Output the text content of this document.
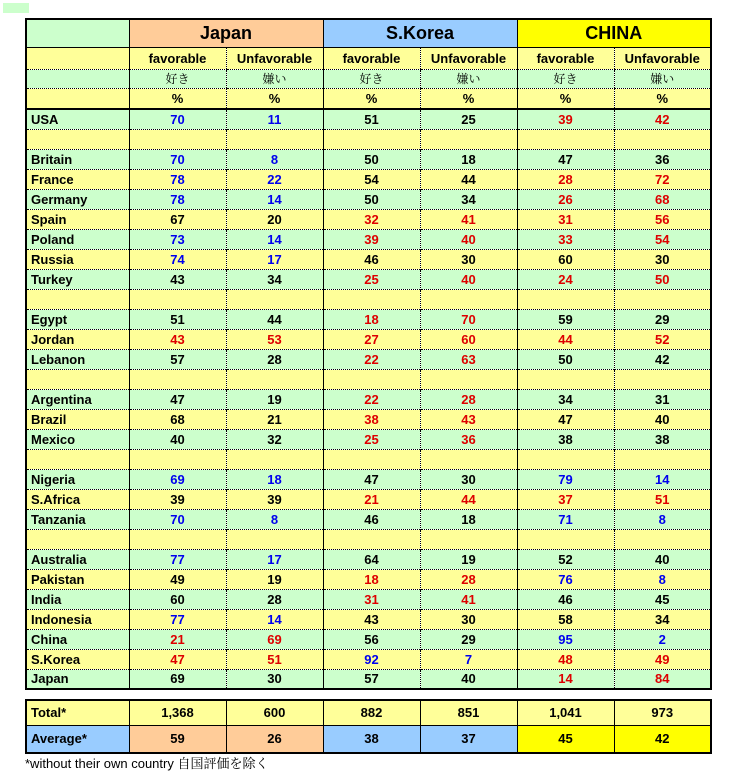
	Japan		S.Korea		CHINA	
	favorable	Unfavorable	favorable	Unfavorable	favorable	Unfavorable
	好き	嫌い	好き	嫌い	好き	嫌い
	%	%	%	%	%	%
USA	70	11	51	25	39	42

Britain	70	8	50	18	47	36
France	78	22	54	44	28	72
Germany	78	14	50	34	26	68
Spain	67	20	32	41	31	56
Poland	73	14	39	40	33	54
Russia	74	17	46	30	60	30
Turkey	43	34	25	40	24	50

Egypt	51	44	18	70	59	29
Jordan	43	53	27	60	44	52
Lebanon	57	28	22	63	50	42

Argentina	47	19	22	28	34	31
Brazil	68	21	38	43	47	40
Mexico	40	32	25	36	38	38

Nigeria	69	18	47	30	79	14
S.Africa	39	39	21	44	37	51
Tanzania	70	8	46	18	71	8

Australia	77	17	64	19	52	40
Pakistan	49	19	18	28	76	8
India	60	28	31	41	46	45
Indonesia	77	14	43	30	58	34
China	21	69	56	29	95	2
S.Korea	47	51	92	7	48	49
Japan	69	30	57	40	14	84
Total*	1,368	600	882	851	1,041	973
Average*	59	26	38	37	45	42
*without their own country 自国評価を除く
